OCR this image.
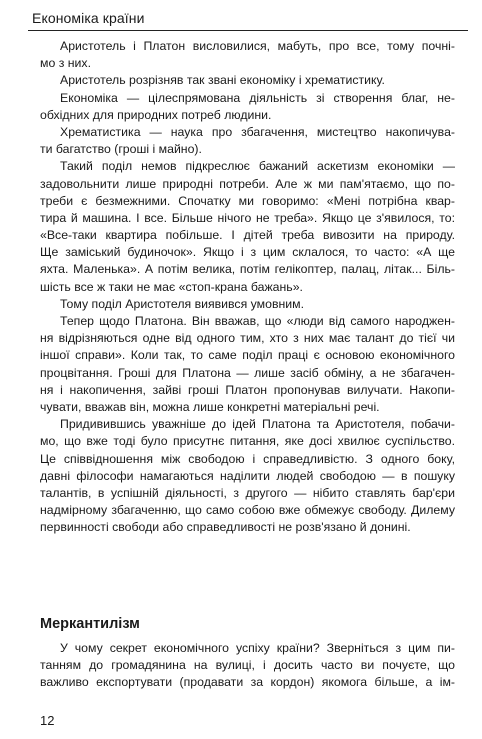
Економіка країни
Аристотель і Платон висловилися, мабуть, про все, тому почні-
мо з них.
Аристотель розрізняв так звані економіку і хрематистику.
Економіка — цілеспрямована діяльність зі створення благ, не-
обхідних для природних потреб людини.
Хрематистика — наука про збагачення, мистецтво накопичува-
ти багатство (гроші і майно).
Такий поділ немов підкреслює бажаний аскетизм економіки —
задовольнити лише природні потреби. Але ж ми пам'ятаємо, що по-
треби є безмежними. Спочатку ми говоримо: «Мені потрібна квар-
тира й машина. І все. Більше нічого не треба». Якщо це з'явилося, то:
«Все-таки квартира побільше. І дітей треба вивозити на природу.
Ще заміський будиночок». Якщо і з цим склалося, то часто: «А ще
яхта. Маленька». А потім велика, потім гелікоптер, палац, літак... Біль-
шість все ж таки не має «стоп-крана бажань».
Тому поділ Аристотеля виявився умовним.
Тепер щодо Платона. Він вважав, що «люди від самого народжен-
ня відрізняються одне від одного тим, хто з них має талант до тієї чи
іншої справи». Коли так, то саме поділ праці є основою економічного
процвітання. Гроші для Платона — лише засіб обміну, а не збагачен-
ня і накопичення, зайві гроші Платон пропонував вилучати. Накопи-
чувати, вважав він, можна лише конкретні матеріальні речі.
Придивившись уважніше до ідей Платона та Аристотеля, побачи-
мо, що вже тоді було присутнє питання, яке досі хвилює суспільство.
Це співвідношення між свободою і справедливістю. З одного боку,
давні філософи намагаються наділити людей свободою — в пошуку
талантів, в успішній діяльності, з другого — нібито ставлять бар'єри
надмірному збагаченню, що само собою вже обмежує свободу. Дилему
первинності свободи або справедливості не розв'язано й донині.
Меркантилізм
У чому секрет економічного успіху країни? Зверніться з цим пи-
танням до громадянина на вулиці, і досить часто ви почуєте, що
важливо експортувати (продавати за кордон) якомога більше, а ім-
12
